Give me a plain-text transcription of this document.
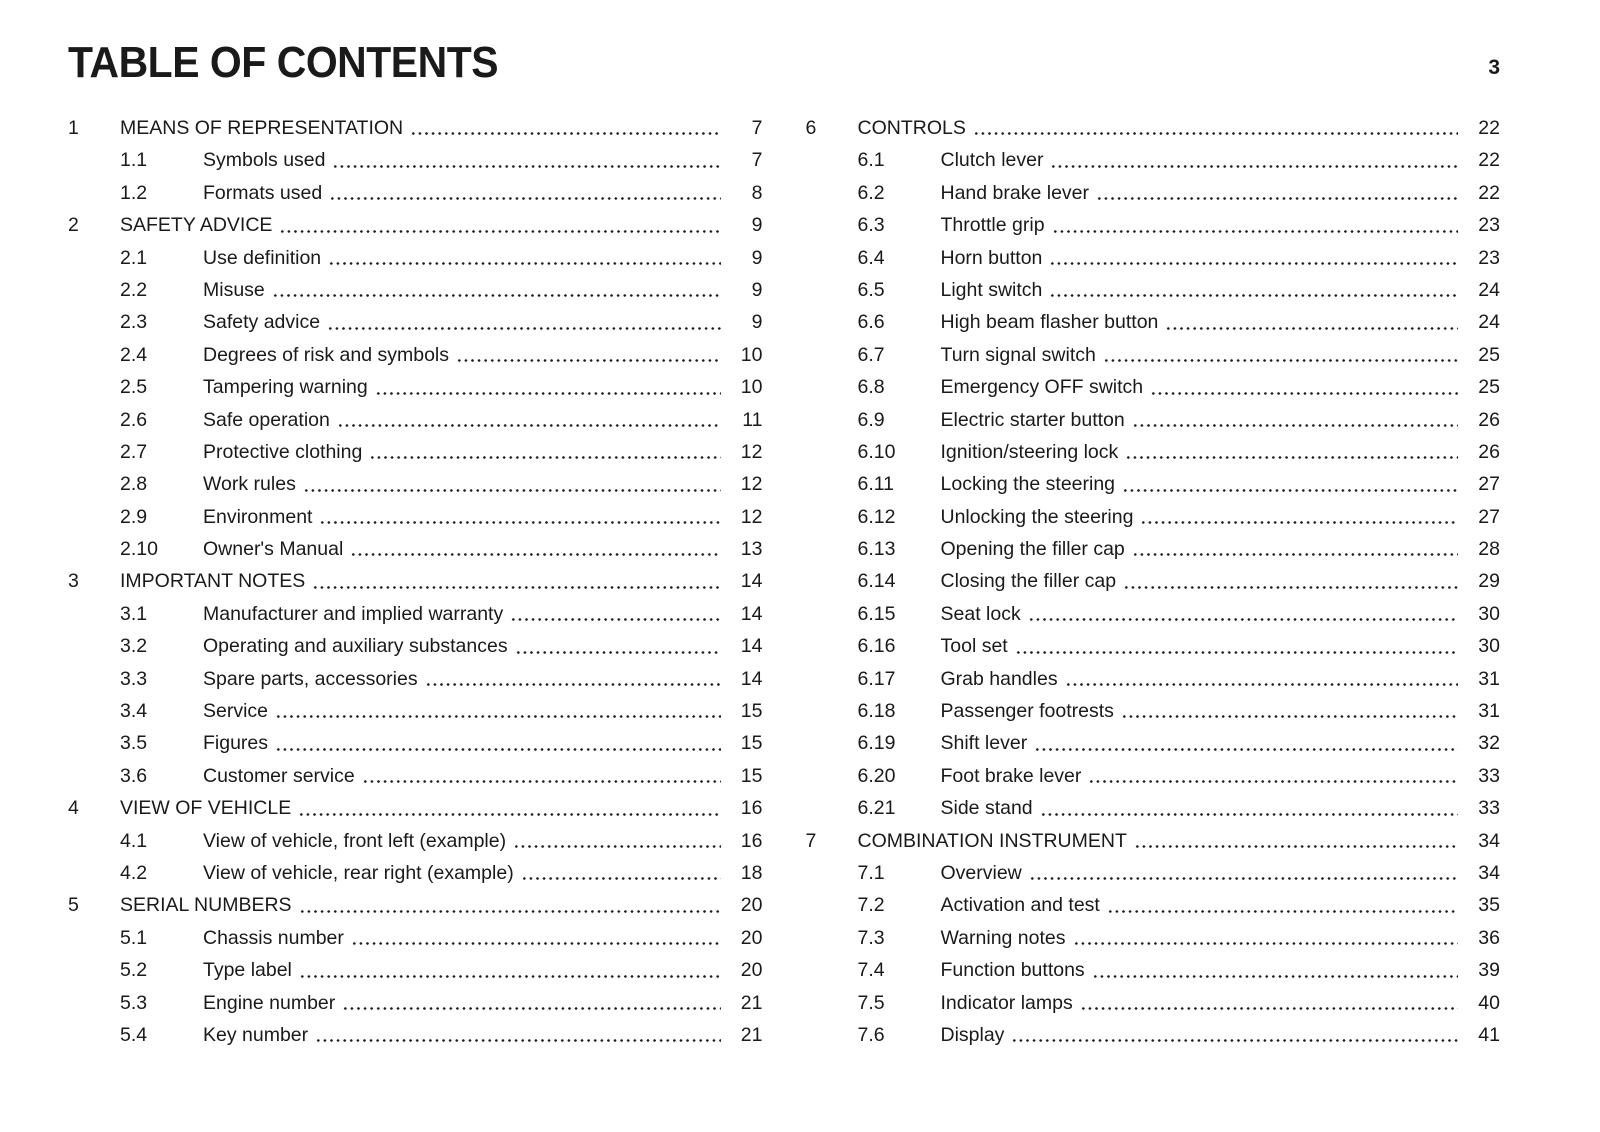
TABLE OF CONTENTS	3
1	MEANS OF REPRESENTATION	7
1.1	Symbols used	7
1.2	Formats used	8
2	SAFETY ADVICE	9
2.1	Use definition	9
2.2	Misuse	9
2.3	Safety advice	9
2.4	Degrees of risk and symbols	10
2.5	Tampering warning	10
2.6	Safe operation	11
2.7	Protective clothing	12
2.8	Work rules	12
2.9	Environment	12
2.10	Owner's Manual	13
3	IMPORTANT NOTES	14
3.1	Manufacturer and implied warranty	14
3.2	Operating and auxiliary substances	14
3.3	Spare parts, accessories	14
3.4	Service	15
3.5	Figures	15
3.6	Customer service	15
4	VIEW OF VEHICLE	16
4.1	View of vehicle, front left (example)	16
4.2	View of vehicle, rear right (example)	18
5	SERIAL NUMBERS	20
5.1	Chassis number	20
5.2	Type label	20
5.3	Engine number	21
5.4	Key number	21
6	CONTROLS	22
6.1	Clutch lever	22
6.2	Hand brake lever	22
6.3	Throttle grip	23
6.4	Horn button	23
6.5	Light switch	24
6.6	High beam flasher button	24
6.7	Turn signal switch	25
6.8	Emergency OFF switch	25
6.9	Electric starter button	26
6.10	Ignition/steering lock	26
6.11	Locking the steering	27
6.12	Unlocking the steering	27
6.13	Opening the filler cap	28
6.14	Closing the filler cap	29
6.15	Seat lock	30
6.16	Tool set	30
6.17	Grab handles	31
6.18	Passenger footrests	31
6.19	Shift lever	32
6.20	Foot brake lever	33
6.21	Side stand	33
7	COMBINATION INSTRUMENT	34
7.1	Overview	34
7.2	Activation and test	35
7.3	Warning notes	36
7.4	Function buttons	39
7.5	Indicator lamps	40
7.6	Display	41
